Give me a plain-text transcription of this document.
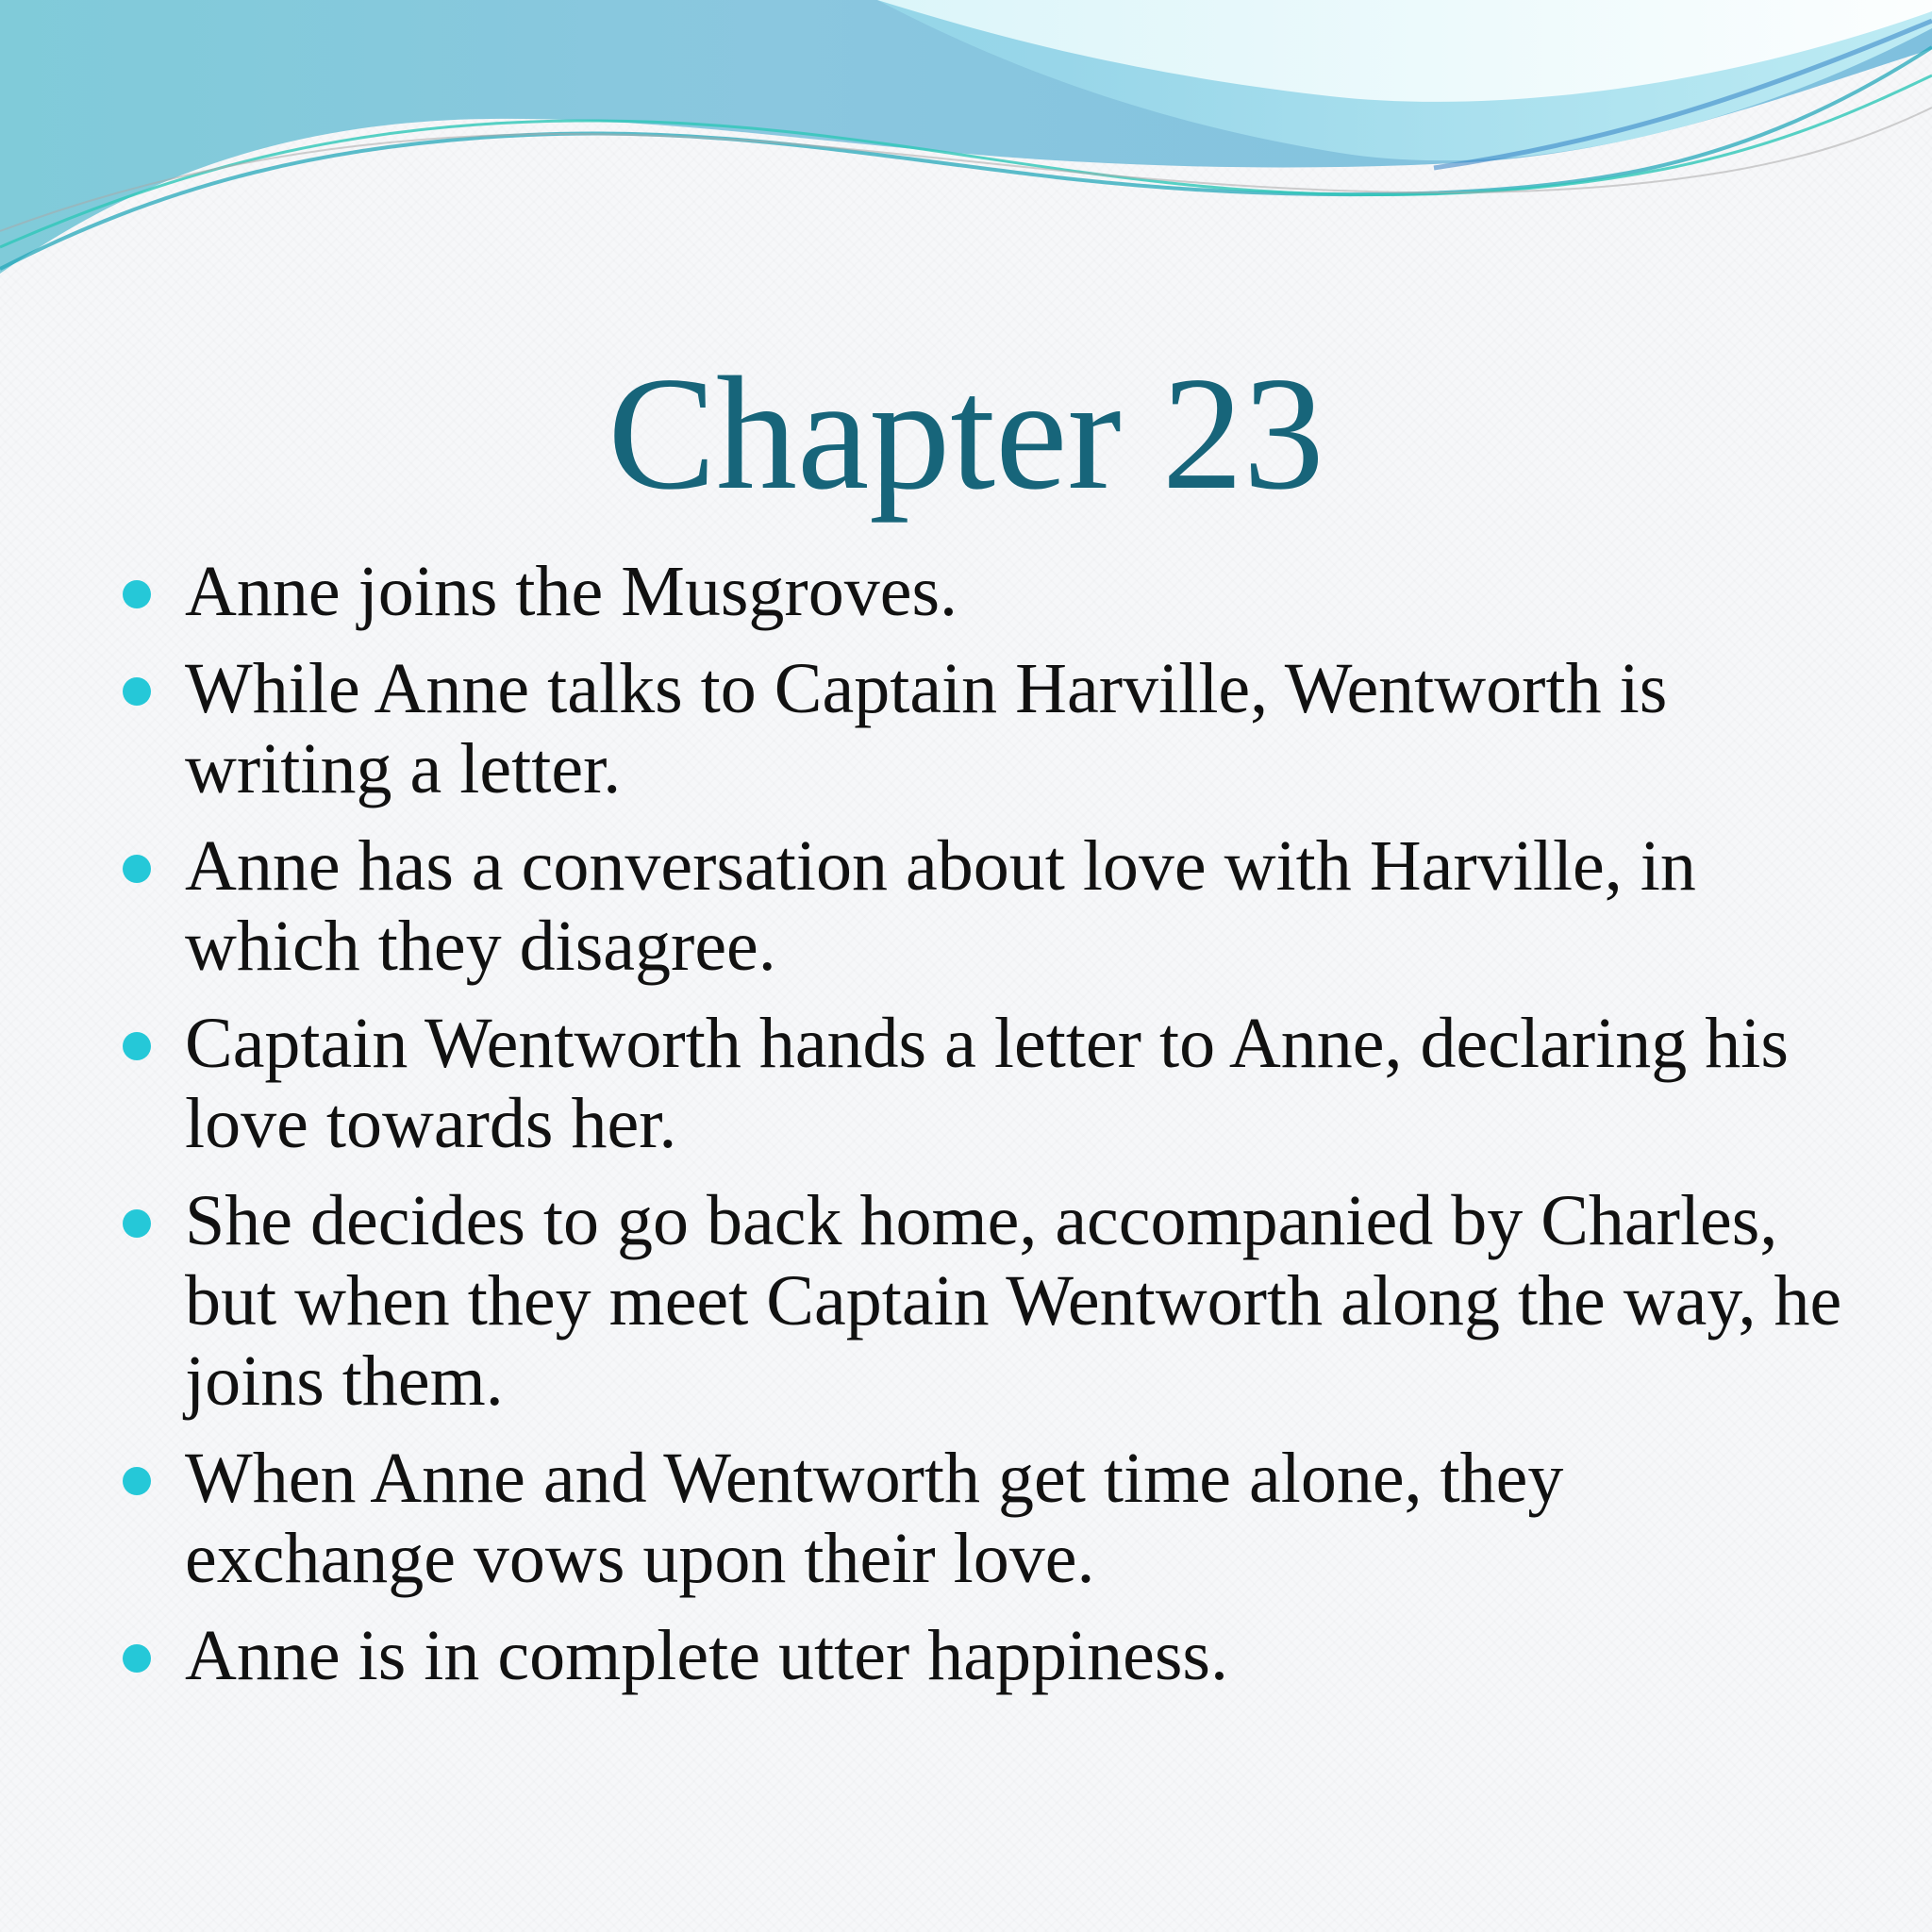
Chapter 23
Anne joins the Musgroves.
While Anne talks to Captain Harville, Wentworth is writing a letter.
Anne has a conversation about love with Harville, in which they disagree.
Captain Wentworth hands a letter to Anne, declaring his love towards her.
She decides to go back home, accompanied by Charles, but when they meet Captain Wentworth along the way, he joins them.
When Anne and Wentworth get time alone, they exchange vows upon their love.
Anne is in complete utter happiness.
